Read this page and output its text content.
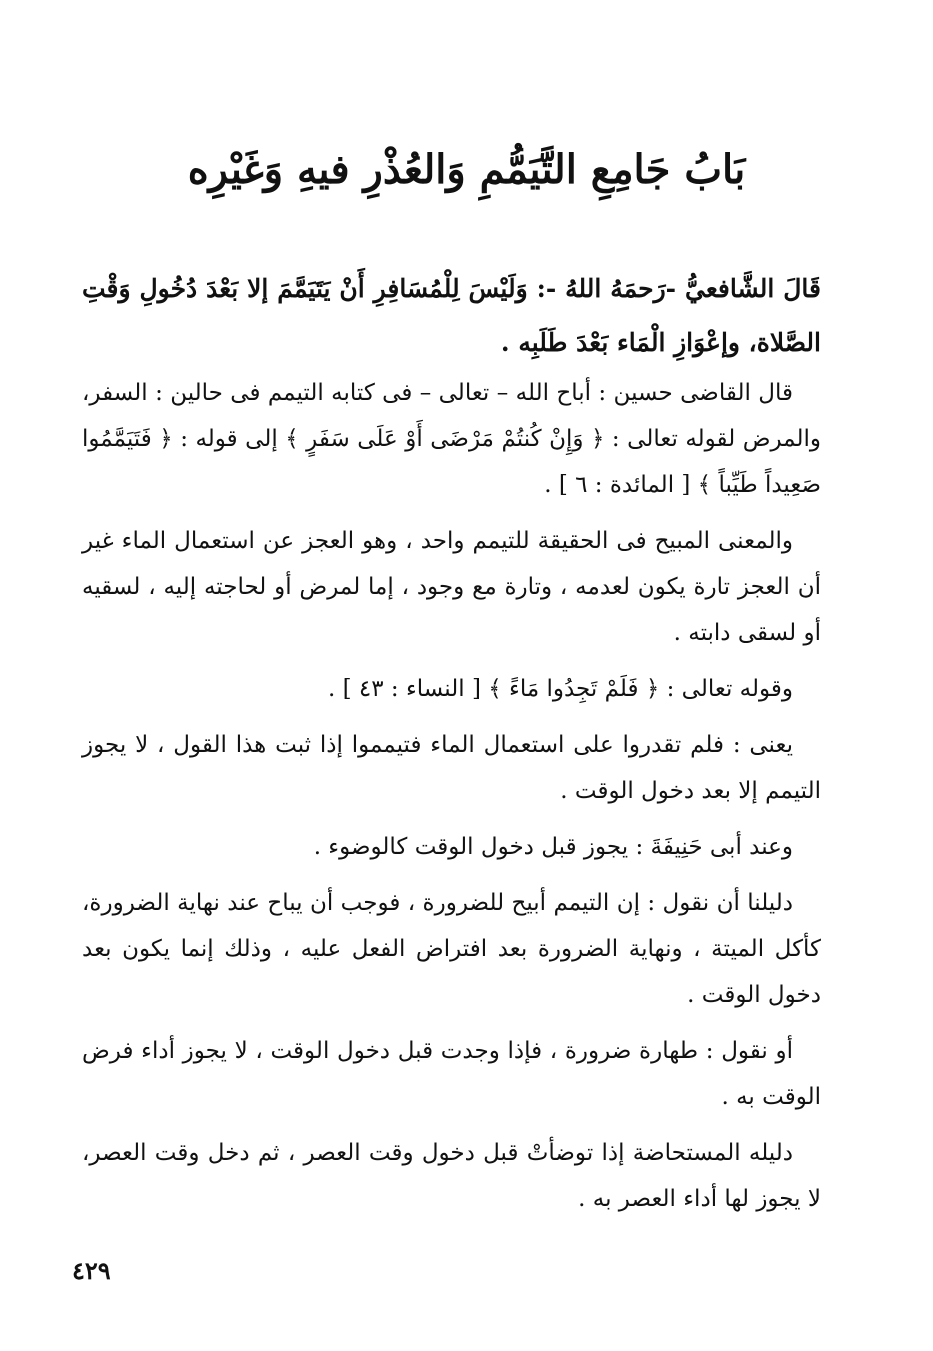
بَابُ جَامِعِ التَّيَمُّمِ وَالعُذْرِ فيهِ وَغَيْرِه

قَالَ الشَّافعيُّ -رَحمَهُ اللهُ -: وَلَيْسَ لِلْمُسَافِرِ أَنْ يَتَيَمَّمَ إلا بَعْدَ دُخُولِ وَقْتِ الصَّلاة، وإعْوَازِ الْمَاء بَعْدَ طَلَبِه .

قال القاضى حسين : أباح الله – تعالى – فى كتابه التيمم فى حالين : السفر، والمرض لقوله تعالى : ﴿ وَإِنْ كُنتُمْ مَرْضَى أَوْ عَلَى سَفَرٍ ﴾ إلى قوله : ﴿ فَتَيَمَّمُوا صَعِيداً طَيِّباً ﴾ [ المائدة : ٦ ] .

والمعنى المبيح فى الحقيقة للتيمم واحد ، وهو العجز عن استعمال الماء غير أن العجز تارة يكون لعدمه ، وتارة مع وجود ، إما لمرض أو لحاجته إليه ، لسقيه أو لسقى دابته .

وقوله تعالى : ﴿ فَلَمْ تَجِدُوا مَاءً ﴾ [ النساء : ٤٣ ] .

يعنى : فلم تقدروا على استعمال الماء فتيمموا إذا ثبت هذا القول ، لا يجوز التيمم إلا بعد دخول الوقت .

وعند أبى حَنِيفَةَ : يجوز قبل دخول الوقت كالوضوء .

دليلنا أن نقول : إن التيمم أبيح للضرورة ، فوجب أن يباح عند نهاية الضرورة، كأكل الميتة ، ونهاية الضرورة بعد افتراض الفعل عليه ، وذلك إنما يكون بعد دخول الوقت .

أو نقول : طهارة ضرورة ، فإذا وجدت قبل دخول الوقت ، لا يجوز أداء فرض الوقت به .

دليله المستحاضة إذا توضأتْ قبل دخول وقت العصر ، ثم دخل وقت العصر، لا يجوز لها أداء العصر به .

٤٢٩
